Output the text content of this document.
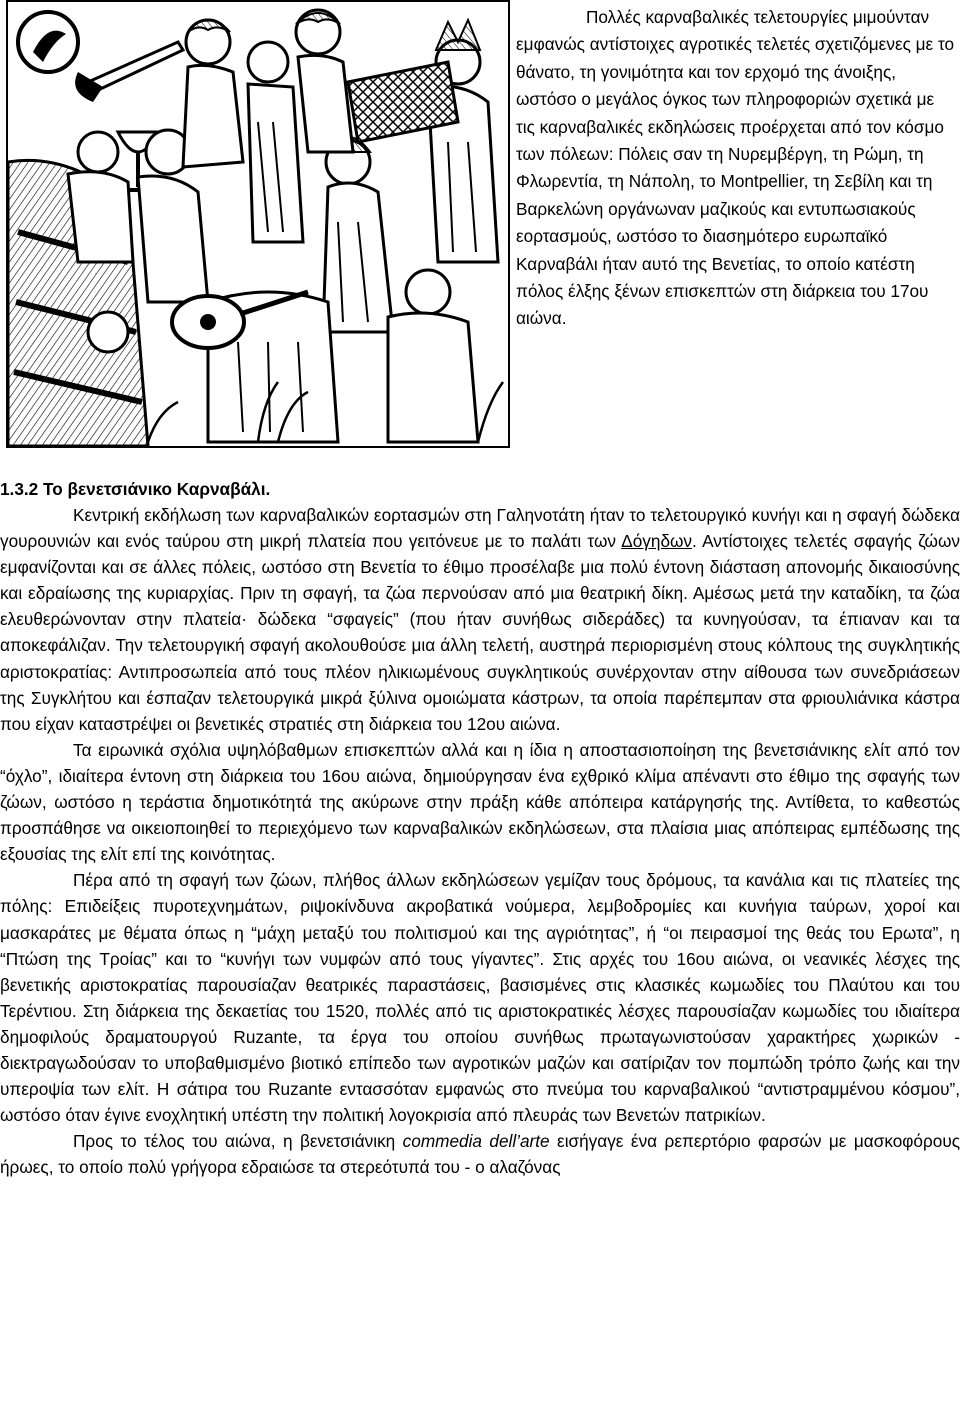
Πολλές καρναβαλικές τελετουργίες μιμούνταν εμφανώς αντίστοιχες αγροτικές τελετές σχετιζόμενες με το θάνατο, τη γονιμότητα και τον ερχομό της άνοιξης, ωστόσο ο μεγάλος όγκος των πληροφοριών σχετικά με τις καρναβαλικές εκδηλώσεις προέρχεται από τον κόσμο των πόλεων: Πόλεις σαν τη Νυρεμβέργη, τη Ρώμη, τη Φλωρεντία, τη Νάπολη, το Montpellier, τη Σεβίλη και τη Βαρκελώνη οργάνωναν μαζικούς και εντυπωσιακούς εορτασμούς, ωστόσο το διασημότερο ευρωπαϊκό Καρναβάλι ήταν αυτό της Βενετίας, το οποίο κατέστη πόλος έλξης ξένων επισκεπτών στη διάρκεια του 17ου αιώνα.

1.3.2 Το βενετσιάνικο Καρναβάλι.

Κεντρική εκδήλωση των καρναβαλικών εορτασμών στη Γαληνοτάτη ήταν το τελετουργικό κυνήγι και η σφαγή δώδεκα γουρουνιών και ενός ταύρου στη μικρή πλατεία που γειτόνευε με το παλάτι των Δόγηδων. Αντίστοιχες τελετές σφαγής ζώων εμφανίζονται και σε άλλες πόλεις, ωστόσο στη Βενετία το έθιμο προσέλαβε μια πολύ έντονη διάσταση απονομής δικαιοσύνης και εδραίωσης της κυριαρχίας. Πριν τη σφαγή, τα ζώα περνούσαν από μια θεατρική δίκη. Αμέσως μετά την καταδίκη, τα ζώα ελευθερώνονταν στην πλατεία· δώδεκα “σφαγείς” (που ήταν συνήθως σιδεράδες) τα κυνηγούσαν, τα έπιαναν και τα αποκεφάλιζαν. Την τελετουργική σφαγή ακολουθούσε μια άλλη τελετή, αυστηρά περιορισμένη στους κόλπους της συγκλητικής αριστοκρατίας: Αντιπροσωπεία από τους πλέον ηλικιωμένους συγκλητικούς συνέρχονταν στην αίθουσα των συνεδριάσεων της Συγκλήτου και έσπαζαν τελετουργικά μικρά ξύλινα ομοιώματα κάστρων, τα οποία παρέπεμπαν στα φριουλιάνικα κάστρα που είχαν καταστρέψει οι βενετικές στρατιές στη διάρκεια του 12ου αιώνα.

Τα ειρωνικά σχόλια υψηλόβαθμων επισκεπτών αλλά και η ίδια η αποστασιοποίηση της βενετσιάνικης ελίτ από τον “όχλο”, ιδιαίτερα έντονη στη διάρκεια του 16ου αιώνα, δημιούργησαν ένα εχθρικό κλίμα απέναντι στο έθιμο της σφαγής των ζώων, ωστόσο η τεράστια δημοτικότητά της ακύρωνε στην πράξη κάθε απόπειρα κατάργησής της. Αντίθετα, το καθεστώς προσπάθησε να οικειοποιηθεί το περιεχόμενο των καρναβαλικών εκδηλώσεων, στα πλαίσια μιας απόπειρας εμπέδωσης της εξουσίας της ελίτ επί της κοινότητας.

Πέρα από τη σφαγή των ζώων, πλήθος άλλων εκδηλώσεων γεμίζαν τους δρόμους, τα κανάλια και τις πλατείες της πόλης: Επιδείξεις πυροτεχνημάτων, ριψοκίνδυνα ακροβατικά νούμερα, λεμβοδρομίες και κυνήγια ταύρων, χοροί και μασκαράτες με θέματα όπως η “μάχη μεταξύ του πολιτισμού και της αγριότητας”, ή “οι πειρασμοί της θεάς του Ερωτα”, η “Πτώση της Τροίας” και το “κυνήγι των νυμφών από τους γίγαντες”. Στις αρχές του 16ου αιώνα, οι νεανικές λέσχες της βενετικής αριστοκρατίας παρουσίαζαν θεατρικές παραστάσεις, βασισμένες στις κλασικές κωμωδίες του Πλαύτου και του Τερέντιου. Στη διάρκεια της δεκαετίας του 1520, πολλές από τις αριστοκρατικές λέσχες παρουσίαζαν κωμωδίες του ιδιαίτερα δημοφιλούς δραματουργού Ruzante, τα έργα του οποίου συνήθως πρωταγωνιστούσαν χαρακτήρες χωρικών - διεκτραγωδούσαν το υποβαθμισμένο βιοτικό επίπεδο των αγροτικών μαζών και σατίριζαν τον πομπώδη τρόπο ζωής και την υπεροψία των ελίτ. Η σάτιρα του Ruzante εντασσόταν εμφανώς στο πνεύμα του καρναβαλικού “αντιστραμμένου κόσμου”, ωστόσο όταν έγινε ενοχλητική υπέστη την πολιτική λογοκρισία από πλευράς των Βενετών πατρικίων.

Προς το τέλος του αιώνα, η βενετσιάνικη commedia dell’arte εισήγαγε ένα ρεπερτόριο φαρσών με μασκοφόρους ήρωες, το οποίο πολύ γρήγορα εδραιώσε τα στερεότυπά του - ο αλαζόνας
